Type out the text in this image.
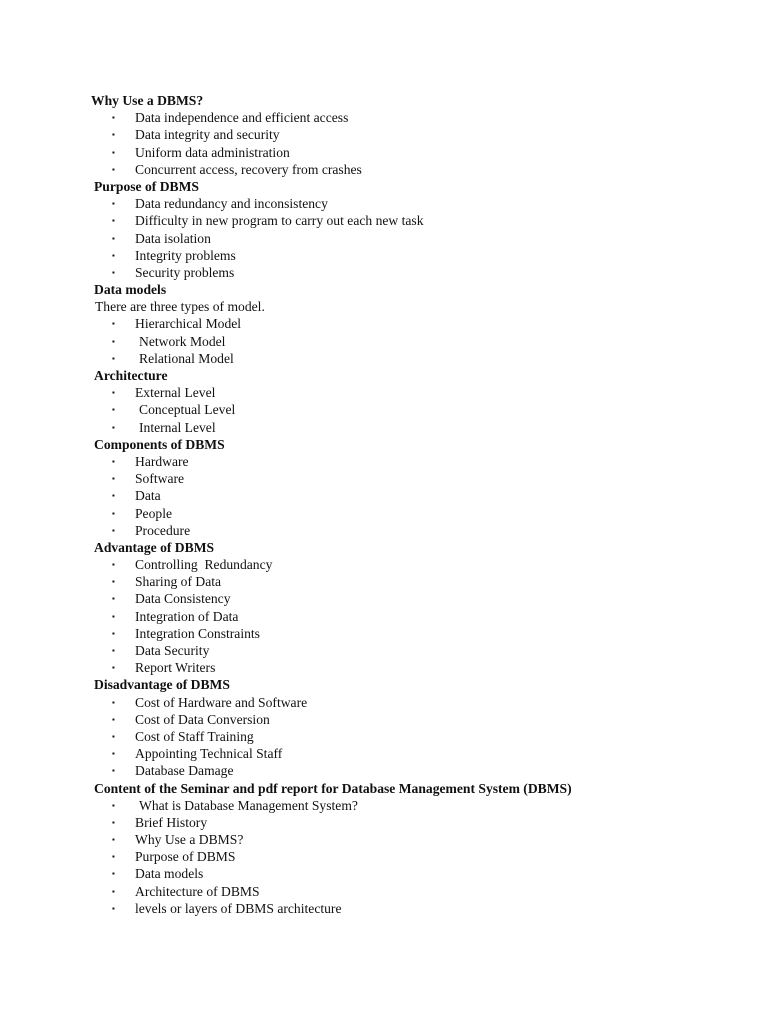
Why Use a DBMS?
▪ Data independence and efficient access
▪ Data integrity and security
▪ Uniform data administration
▪ Concurrent access, recovery from crashes
Purpose of DBMS
▪ Data redundancy and inconsistency
▪ Difficulty in new program to carry out each new task
▪ Data isolation
▪ Integrity problems
▪ Security problems
Data models
There are three types of model.
▪ Hierarchical Model
▪ Network Model
▪ Relational Model
Architecture
▪ External Level
▪ Conceptual Level
▪ Internal Level
Components of DBMS
▪ Hardware
▪ Software
▪ Data
▪ People
▪ Procedure
Advantage of DBMS
▪ Controlling  Redundancy
▪ Sharing of Data
▪ Data Consistency
▪ Integration of Data
▪ Integration Constraints
▪ Data Security
▪ Report Writers
Disadvantage of DBMS
▪ Cost of Hardware and Software
▪ Cost of Data Conversion
▪ Cost of Staff Training
▪ Appointing Technical Staff
▪ Database Damage
Content of the Seminar and pdf report for Database Management System (DBMS)
▪ What is Database Management System?
▪ Brief History
▪ Why Use a DBMS?
▪ Purpose of DBMS
▪ Data models
▪ Architecture of DBMS
▪ levels or layers of DBMS architecture
